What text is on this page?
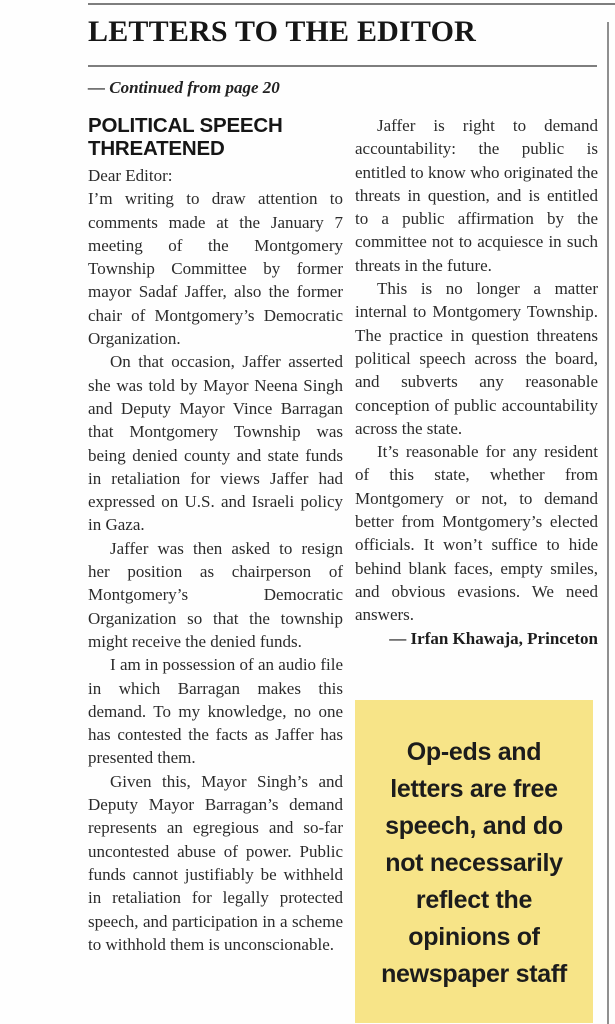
LETTERS TO THE EDITOR
— Continued from page 20
POLITICAL SPEECH THREATENED

Dear Editor:

I’m writing to draw attention to comments made at the January 7 meeting of the Montgomery Township Committee by former mayor Sadaf Jaffer, also the former chair of Montgomery’s Democratic Organization.

On that occasion, Jaffer asserted she was told by Mayor Neena Singh and Deputy Mayor Vince Barragan that Montgomery Township was being denied county and state funds in retaliation for views Jaffer had expressed on U.S. and Israeli policy in Gaza.

Jaffer was then asked to resign her position as chairperson of Montgomery’s Democratic Organization so that the township might receive the denied funds.

I am in possession of an audio file in which Barragan makes this demand. To my knowledge, no one has contested the facts as Jaffer has presented them.

Given this, Mayor Singh’s and Deputy Mayor Barragan’s demand represents an egregious and so-far uncontested abuse of power. Public funds cannot justifiably be withheld in retaliation for legally protected speech, and participation in a scheme to withhold them is unconscionable.

Jaffer is right to demand accountability: the public is entitled to know who originated the threats in question, and is entitled to a public affirmation by the committee not to acquiesce in such threats in the future.

This is no longer a matter internal to Montgomery Township. The practice in question threatens political speech across the board, and subverts any reasonable conception of public accountability across the state.

It’s reasonable for any resident of this state, whether from Montgomery or not, to demand better from Montgomery’s elected officials. It won’t suffice to hide behind blank faces, empty smiles, and obvious evasions. We need answers.

— Irfan Khawaja, Princeton

Op-eds and letters are free speech, and do not necessarily reflect the opinions of newspaper staff
